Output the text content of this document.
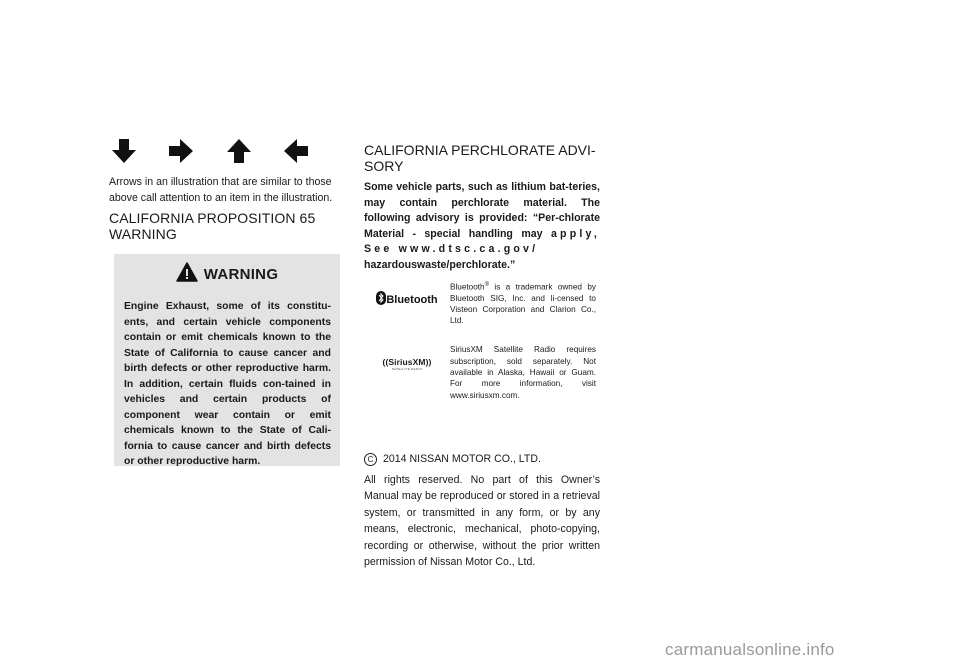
Arrows in an illustration that are similar to those above call attention to an item in the illustration.

CALIFORNIA PROPOSITION 65
WARNING
WARNING
Engine Exhaust, some of its constitu-ents, and certain vehicle components contain or emit chemicals known to the State of California to cause cancer and birth defects or other reproductive harm. In addition, certain fluids con-tained in vehicles and certain products of component wear contain or emit chemicals known to the State of Cali-fornia to cause cancer and birth defects or other reproductive harm.
CALIFORNIA PERCHLORATE ADVI-
SORY

Some vehicle parts, such as lithium bat-teries, may contain perchlorate material. The following advisory is provided: “Per-chlorate Material - special handling may apply, See www.dtsc.ca.gov/
hazardouswaste/perchlorate.”

Bluetooth
Bluetooth® is a trademark owned by Bluetooth SIG, Inc. and li-censed to Visteon Corporation and Clarion Co., Ltd.
((SiriusXM))
SATELLITE RADIO
SiriusXM Satellite Radio requires subscription, sold separately. Not available in Alaska, Hawaii or Guam. For more information, visit www.siriusxm.com.
C 2014 NISSAN MOTOR CO., LTD.

All rights reserved. No part of this Owner’s Manual may be reproduced or stored in a retrieval system, or transmitted in any form, or by any means, electronic, mechanical, photo-copying, recording or otherwise, without the prior written permission of Nissan Motor Co., Ltd.

carmanualsonline.info
